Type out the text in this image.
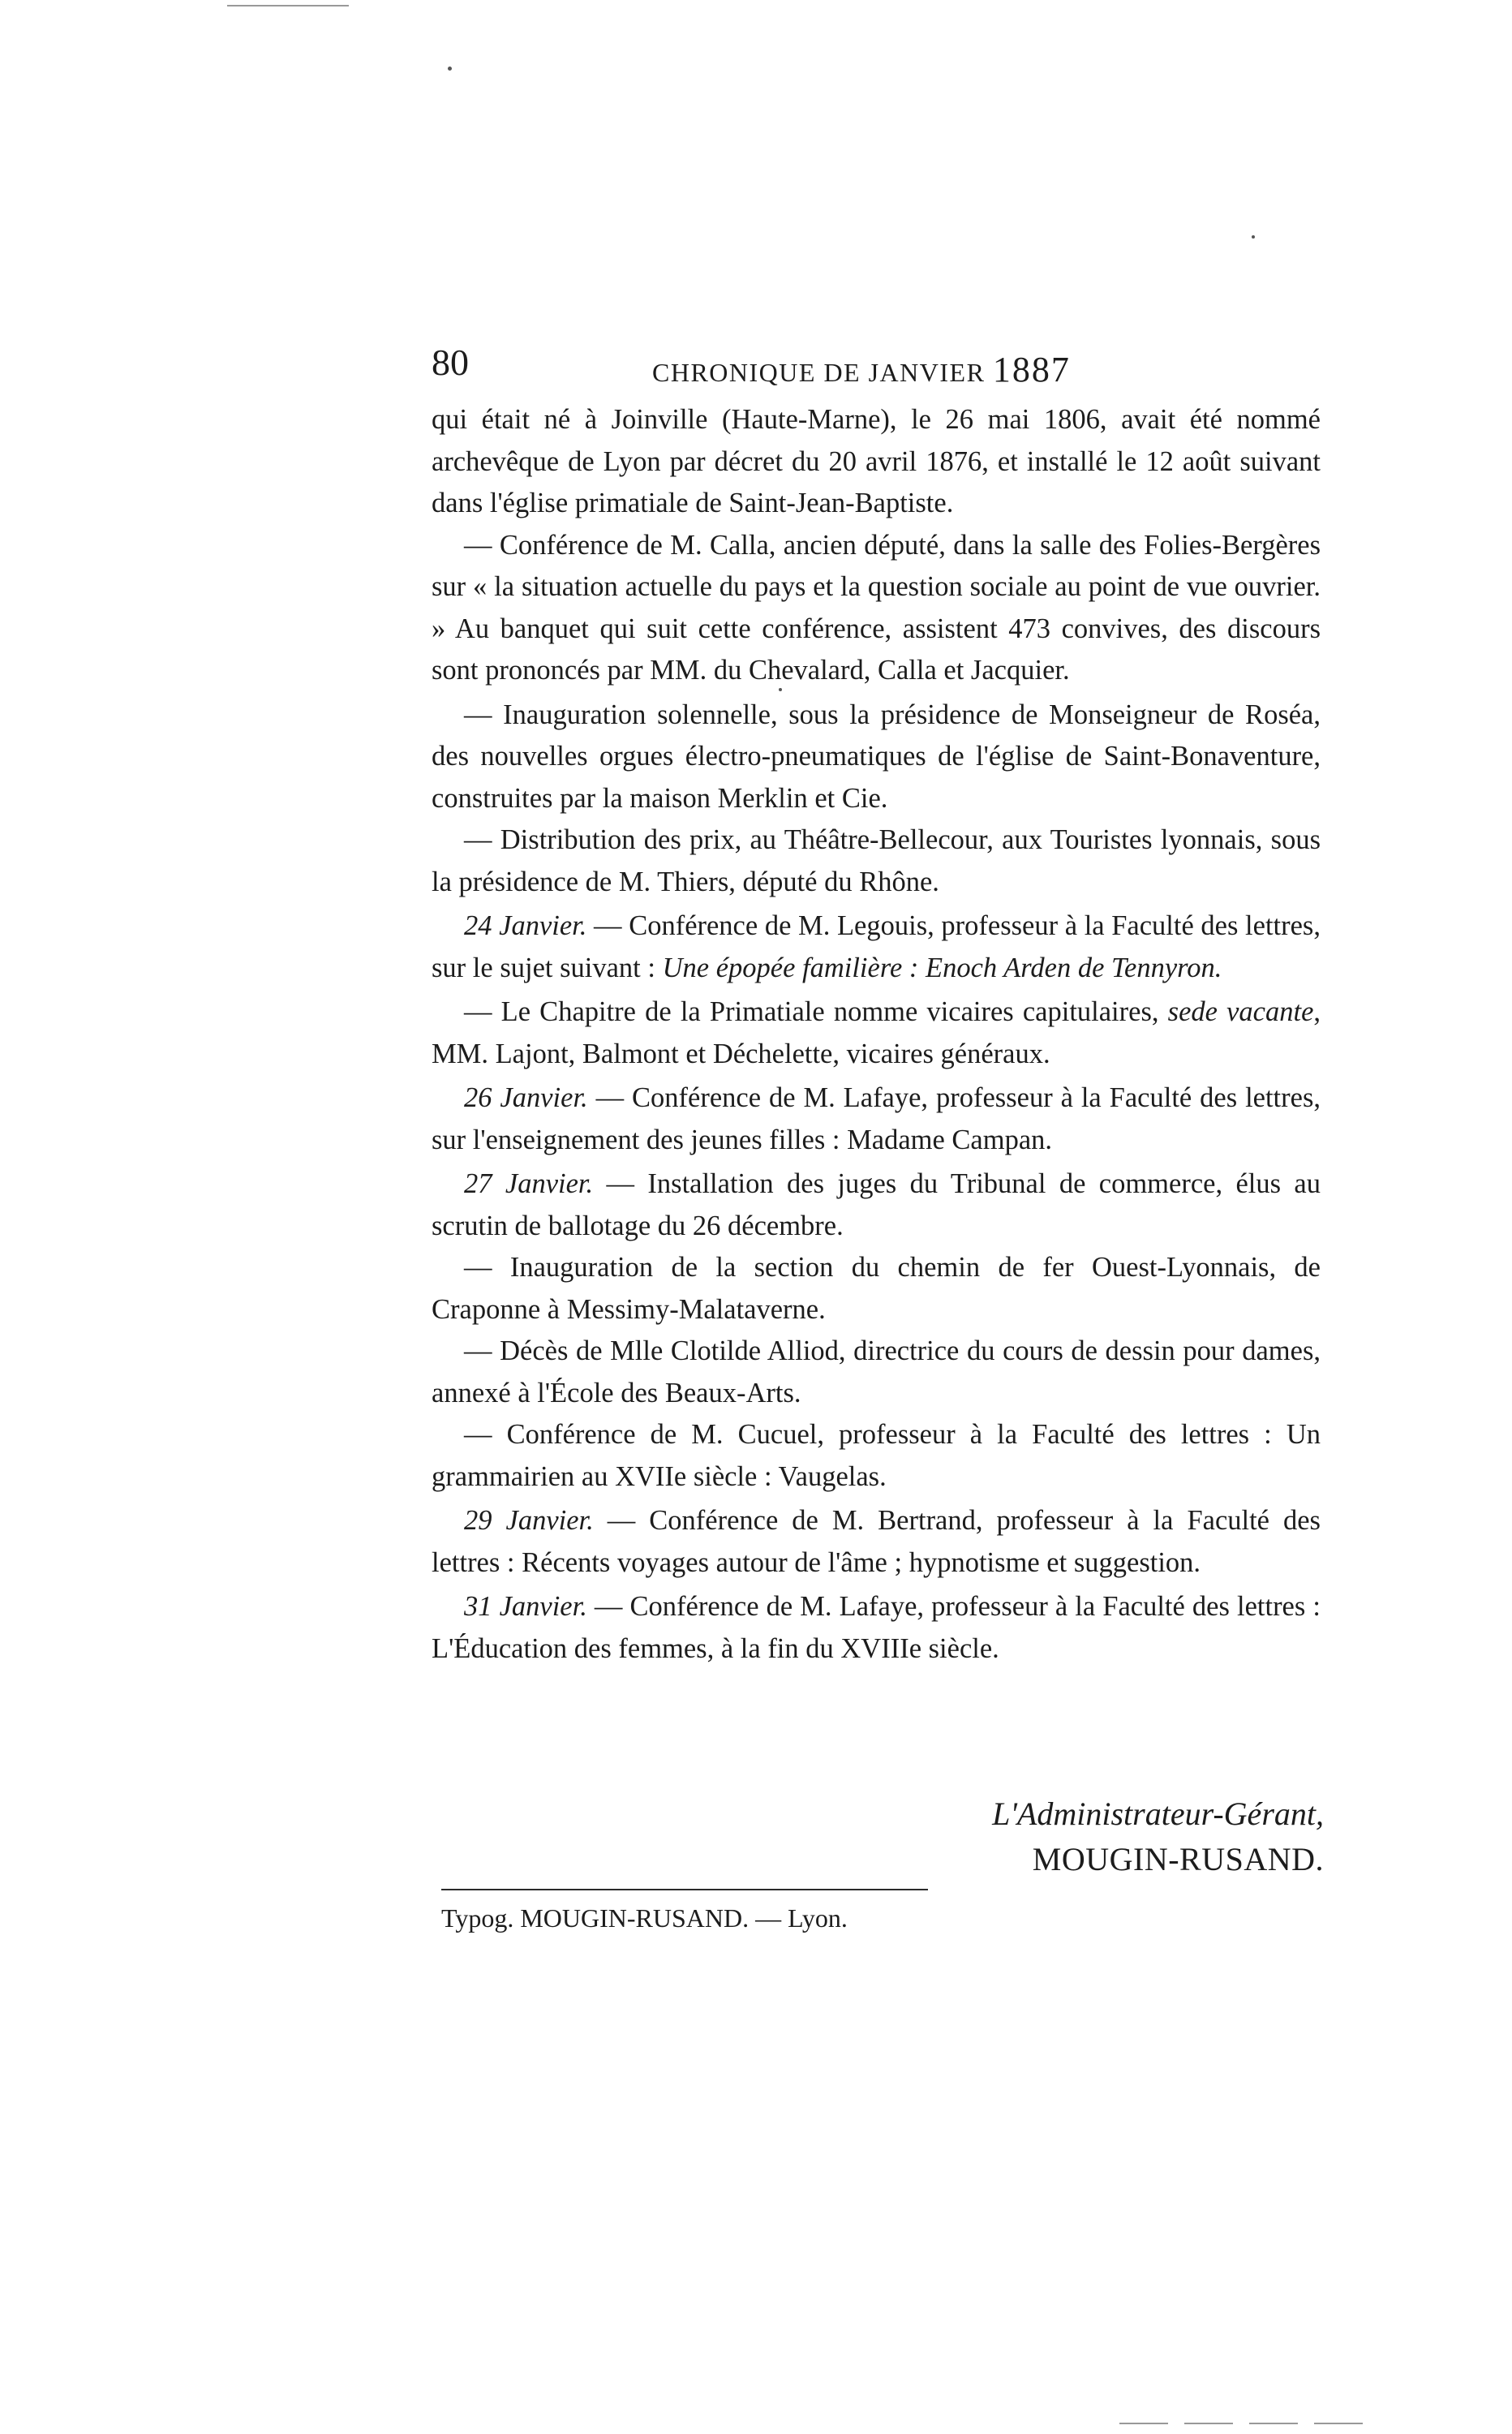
80	CHRONIQUE DE JANVIER 1887

qui était né à Joinville (Haute-Marne), le 26 mai 1806, avait été nommé archevêque de Lyon par décret du 20 avril 1876, et installé le 12 août suivant dans l'église primatiale de Saint-Jean-Baptiste.

— Conférence de M. Calla, ancien député, dans la salle des Folies-Bergères sur « la situation actuelle du pays et la question sociale au point de vue ouvrier. » Au banquet qui suit cette conférence, assistent 473 convives, des discours sont prononcés par MM. du Chevalard, Calla et Jacquier.

— Inauguration solennelle, sous la présidence de Monseigneur de Roséa, des nouvelles orgues électro-pneumatiques de l'église de Saint-Bonaventure, construites par la maison Merklin et Cie.

— Distribution des prix, au Théâtre-Bellecour, aux Touristes lyonnais, sous la présidence de M. Thiers, député du Rhône.

24 Janvier. — Conférence de M. Legouis, professeur à la Faculté des lettres, sur le sujet suivant : Une épopée familière : Enoch Arden de Tennyron.

— Le Chapitre de la Primatiale nomme vicaires capitulaires, sede vacante, MM. Lajont, Balmont et Déchelette, vicaires généraux.

26 Janvier. — Conférence de M. Lafaye, professeur à la Faculté des lettres, sur l'enseignement des jeunes filles : Madame Campan.

27 Janvier. — Installation des juges du Tribunal de commerce, élus au scrutin de ballotage du 26 décembre.

— Inauguration de la section du chemin de fer Ouest-Lyonnais, de Craponne à Messimy-Malataverne.

— Décès de Mlle Clotilde Alliod, directrice du cours de dessin pour dames, annexé à l'École des Beaux-Arts.

— Conférence de M. Cucuel, professeur à la Faculté des lettres : Un grammairien au XVIIe siècle : Vaugelas.

29 Janvier. — Conférence de M. Bertrand, professeur à la Faculté des lettres : Récents voyages autour de l'âme ; hypnotisme et suggestion.

31 Janvier. — Conférence de M. Lafaye, professeur à la Faculté des lettres : L'Éducation des femmes, à la fin du XVIIIe siècle.

L'Administrateur-Gérant,
MOUGIN-RUSAND.
Typog. MOUGIN-RUSAND. — Lyon.
